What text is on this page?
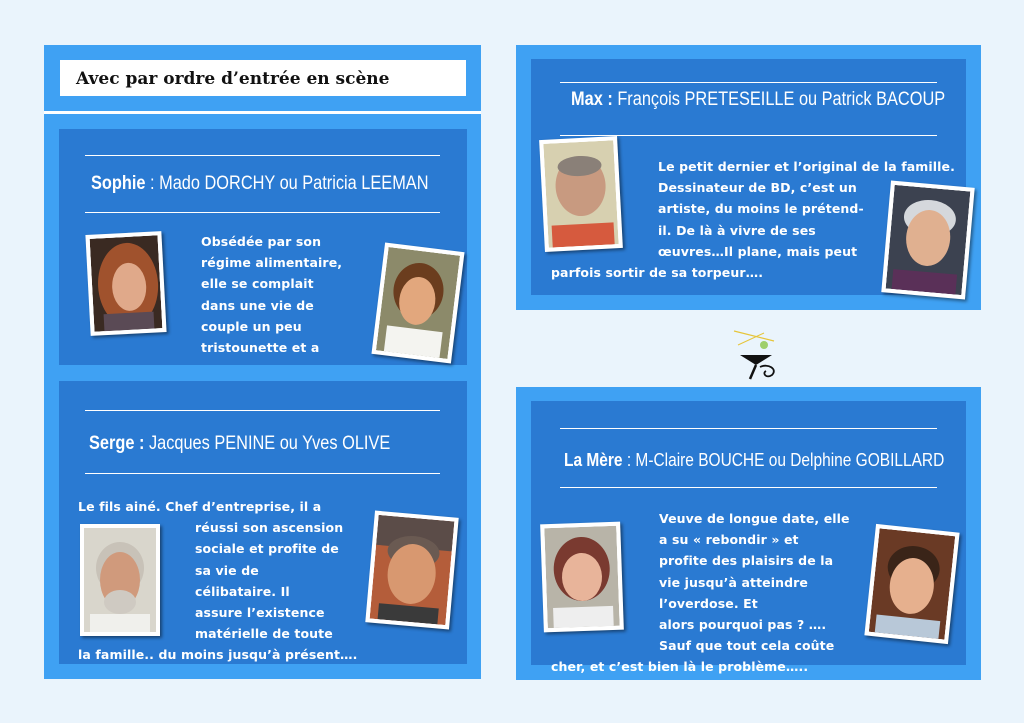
Avec par ordre d’entrée en scène
Sophie : Mado DORCHY ou Patricia LEEMAN
Obsédée par son
régime alimentaire,
elle se complait
dans une vie de
couple un peu
tristounette et a
Serge : Jacques PENINE ou Yves OLIVE
Le fils ainé. Chef d’entreprise, il a
réussi son ascension
sociale et profite de
sa vie de
célibataire. Il
assure l’existence
matérielle de toute
la famille.. du moins jusqu’à présent….
Max : François PRETESEILLE ou Patrick BACOUP
Le petit dernier et l’original de la famille.
Dessinateur de BD, c’est un
artiste, du moins le prétend-
il. De là à vivre de ses
œuvres…Il plane, mais peut
parfois sortir de sa torpeur….
La Mère : M-Claire BOUCHE ou Delphine GOBILLARD
Veuve de longue date, elle
a su « rebondir » et
profite des plaisirs de la
vie jusqu’à atteindre
l’overdose. Et
alors pourquoi pas ? ….
Sauf que tout cela coûte
cher, et c’est bien là le problème…..
